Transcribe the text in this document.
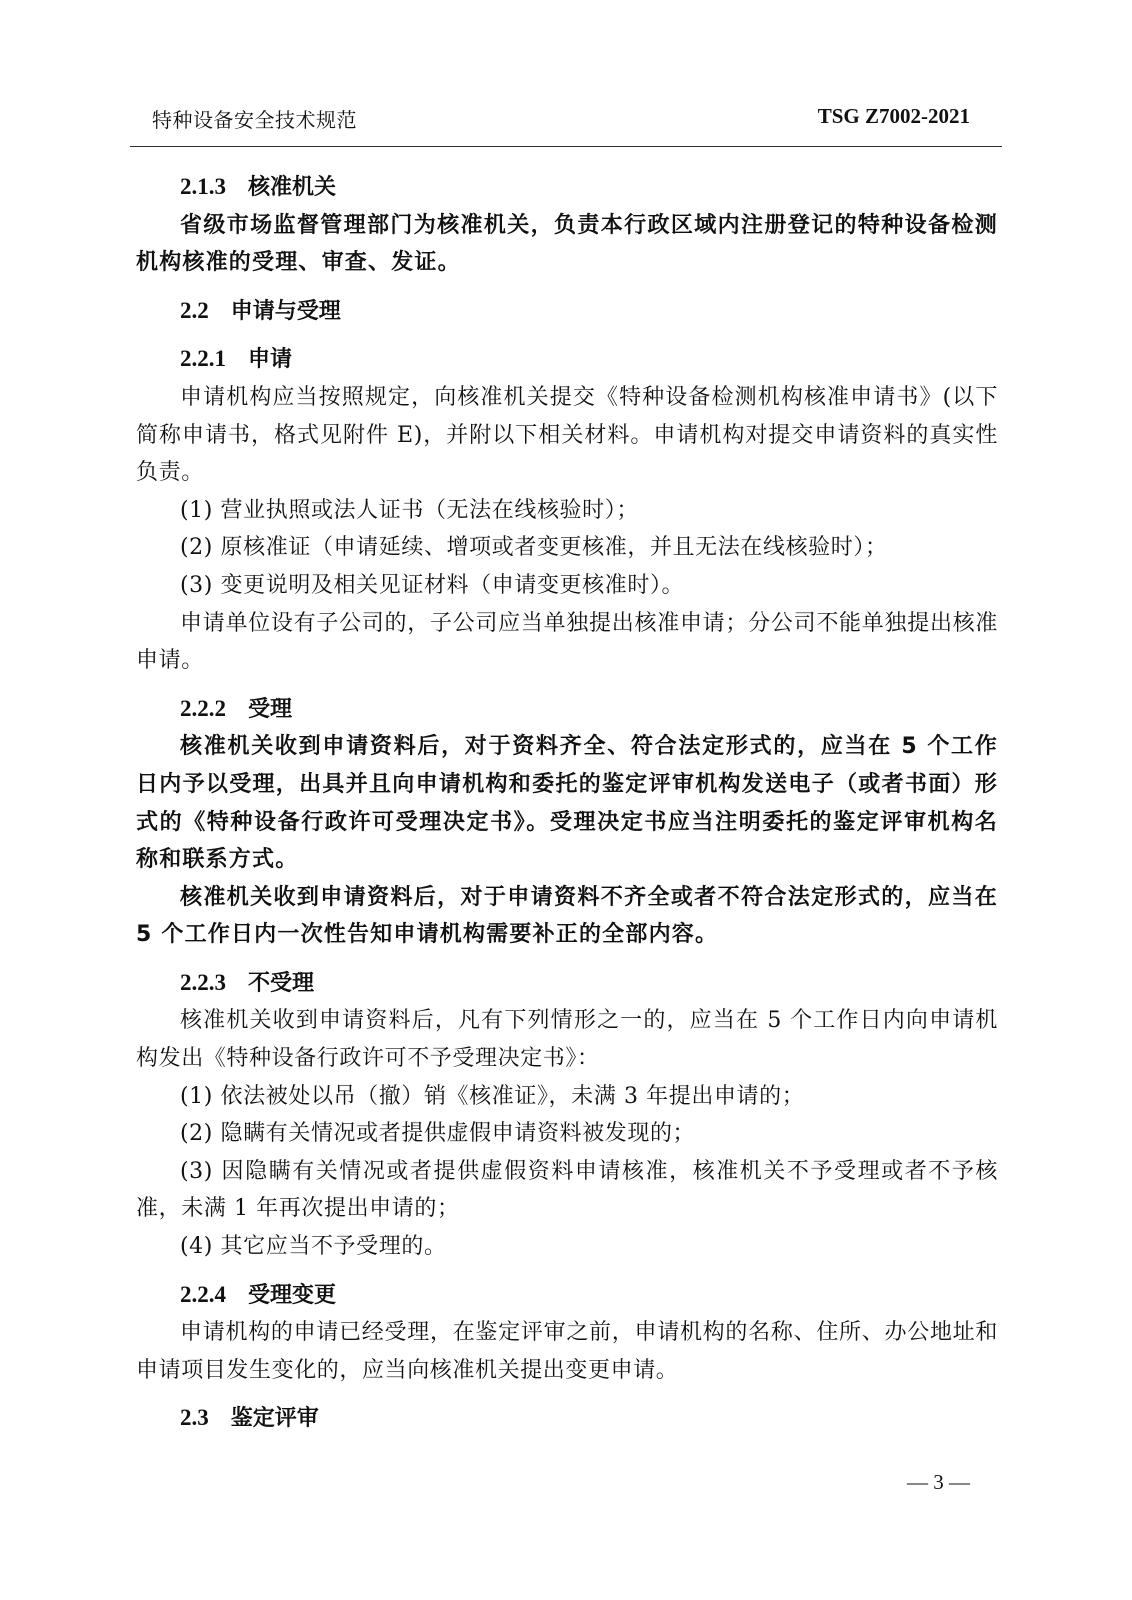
特种设备安全技术规范	TSG Z7002-2021
2.1.3 核准机关

省级市场监督管理部门为核准机关，负责本行政区域内注册登记的特种设备检测机构核准的受理、审查、发证。

2.2 申请与受理
2.2.1 申请

申请机构应当按照规定，向核准机关提交《特种设备检测机构核准申请书》(以下简称申请书，格式见附件 E)，并附以下相关材料。申请机构对提交申请资料的真实性负责。

(1) 营业执照或法人证书（无法在线核验时）；

(2) 原核准证（申请延续、增项或者变更核准，并且无法在线核验时）；

(3) 变更说明及相关见证材料（申请变更核准时）。

申请单位设有子公司的，子公司应当单独提出核准申请；分公司不能单独提出核准申请。

2.2.2 受理

核准机关收到申请资料后，对于资料齐全、符合法定形式的，应当在 5 个工作日内予以受理，出具并且向申请机构和委托的鉴定评审机构发送电子（或者书面）形式的《特种设备行政许可受理决定书》。受理决定书应当注明委托的鉴定评审机构名称和联系方式。

核准机关收到申请资料后，对于申请资料不齐全或者不符合法定形式的，应当在 5 个工作日内一次性告知申请机构需要补正的全部内容。

2.2.3 不受理

核准机关收到申请资料后，凡有下列情形之一的，应当在 5 个工作日内向申请机构发出《特种设备行政许可不予受理决定书》：

(1) 依法被处以吊（撤）销《核准证》，未满 3 年提出申请的；

(2) 隐瞒有关情况或者提供虚假申请资料被发现的；

(3) 因隐瞒有关情况或者提供虚假资料申请核准，核准机关不予受理或者不予核准，未满 1 年再次提出申请的；

(4) 其它应当不予受理的。

2.2.4 受理变更

申请机构的申请已经受理，在鉴定评审之前，申请机构的名称、住所、办公地址和申请项目发生变化的，应当向核准机关提出变更申请。

2.3 鉴定评审
— 3 —
